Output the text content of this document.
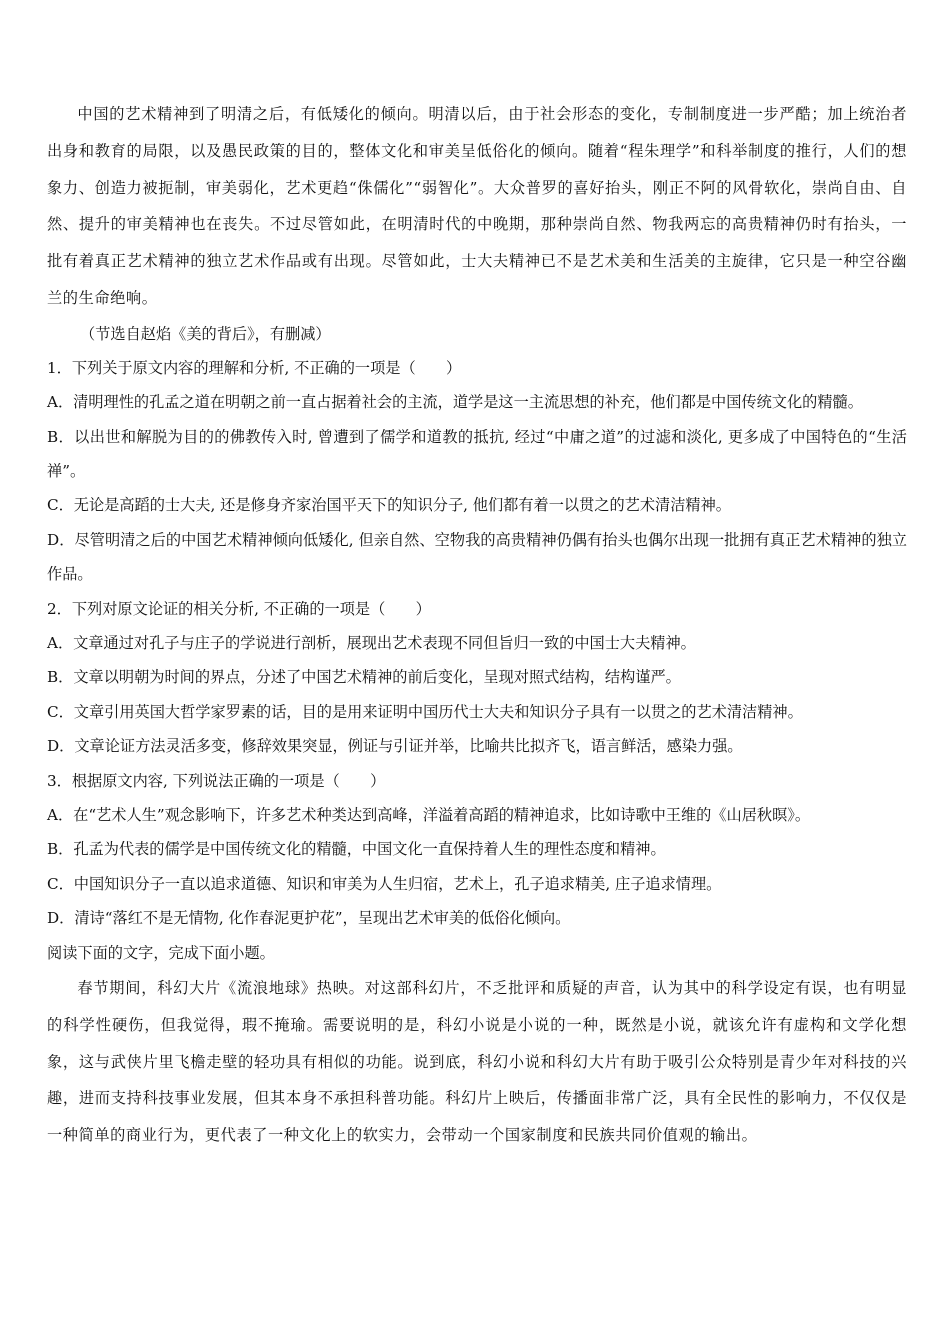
中国的艺术精神到了明清之后，有低矮化的倾向。明清以后，由于社会形态的变化，专制制度进一步严酷；加上统治者出身和教育的局限，以及愚民政策的目的，整体文化和审美呈低俗化的倾向。随着“程朱理学”和科举制度的推行，人们的想象力、创造力被扼制，审美弱化，艺术更趋“侏儒化”“弱智化”。大众普罗的喜好抬头，刚正不阿的风骨软化，崇尚自由、自然、提升的审美精神也在丧失。不过尽管如此，在明清时代的中晚期，那种崇尚自然、物我两忘的高贵精神仍时有抬头，一批有着真正艺术精神的独立艺术作品或有出现。尽管如此，士大夫精神已不是艺术美和生活美的主旋律，它只是一种空谷幽兰的生命绝响。

（节选自赵焰《美的背后》，有删减）

1．下列关于原文内容的理解和分析, 不正确的一项是（　　）

A．清明理性的孔孟之道在明朝之前一直占据着社会的主流，道学是这一主流思想的补充，他们都是中国传统文化的精髓。

B．以出世和解脱为目的的佛教传入时, 曾遭到了儒学和道教的抵抗, 经过“中庸之道”的过滤和淡化, 更多成了中国特色的“生活禅”。

C．无论是高蹈的士大夫, 还是修身齐家治国平天下的知识分子, 他们都有着一以贯之的艺术清洁精神。

D．尽管明清之后的中国艺术精神倾向低矮化, 但亲自然、空物我的高贵精神仍偶有抬头也偶尔出现一批拥有真正艺术精神的独立作品。

2．下列对原文论证的相关分析, 不正确的一项是（　　）

A．文章通过对孔子与庄子的学说进行剖析，展现出艺术表现不同但旨归一致的中国士大夫精神。

B．文章以明朝为时间的界点，分述了中国艺术精神的前后变化，呈现对照式结构，结构谨严。

C．文章引用英国大哲学家罗素的话，目的是用来证明中国历代士大夫和知识分子具有一以贯之的艺术清洁精神。

D．文章论证方法灵活多变，修辞效果突显，例证与引证并举，比喻共比拟齐飞，语言鲜活，感染力强。

3．根据原文内容, 下列说法正确的一项是（　　）

A．在“艺术人生”观念影响下，许多艺术种类达到高峰，洋溢着高蹈的精神追求，比如诗歌中王维的《山居秋暝》。

B．孔孟为代表的儒学是中国传统文化的精髓，中国文化一直保持着人生的理性态度和精神。

C．中国知识分子一直以追求道德、知识和审美为人生归宿，艺术上，孔子追求精美, 庄子追求情理。

D．清诗“落红不是无情物, 化作春泥更护花”，呈现出艺术审美的低俗化倾向。

阅读下面的文字，完成下面小题。

春节期间，科幻大片《流浪地球》热映。对这部科幻片，不乏批评和质疑的声音，认为其中的科学设定有误，也有明显的科学性硬伤，但我觉得，瑕不掩瑜。需要说明的是，科幻小说是小说的一种，既然是小说，就该允许有虚构和文学化想象，这与武侠片里飞檐走壁的轻功具有相似的功能。说到底，科幻小说和科幻大片有助于吸引公众特别是青少年对科技的兴趣，进而支持科技事业发展，但其本身不承担科普功能。科幻片上映后，传播面非常广泛，具有全民性的影响力，不仅仅是一种简单的商业行为，更代表了一种文化上的软实力，会带动一个国家制度和民族共同价值观的输出。
